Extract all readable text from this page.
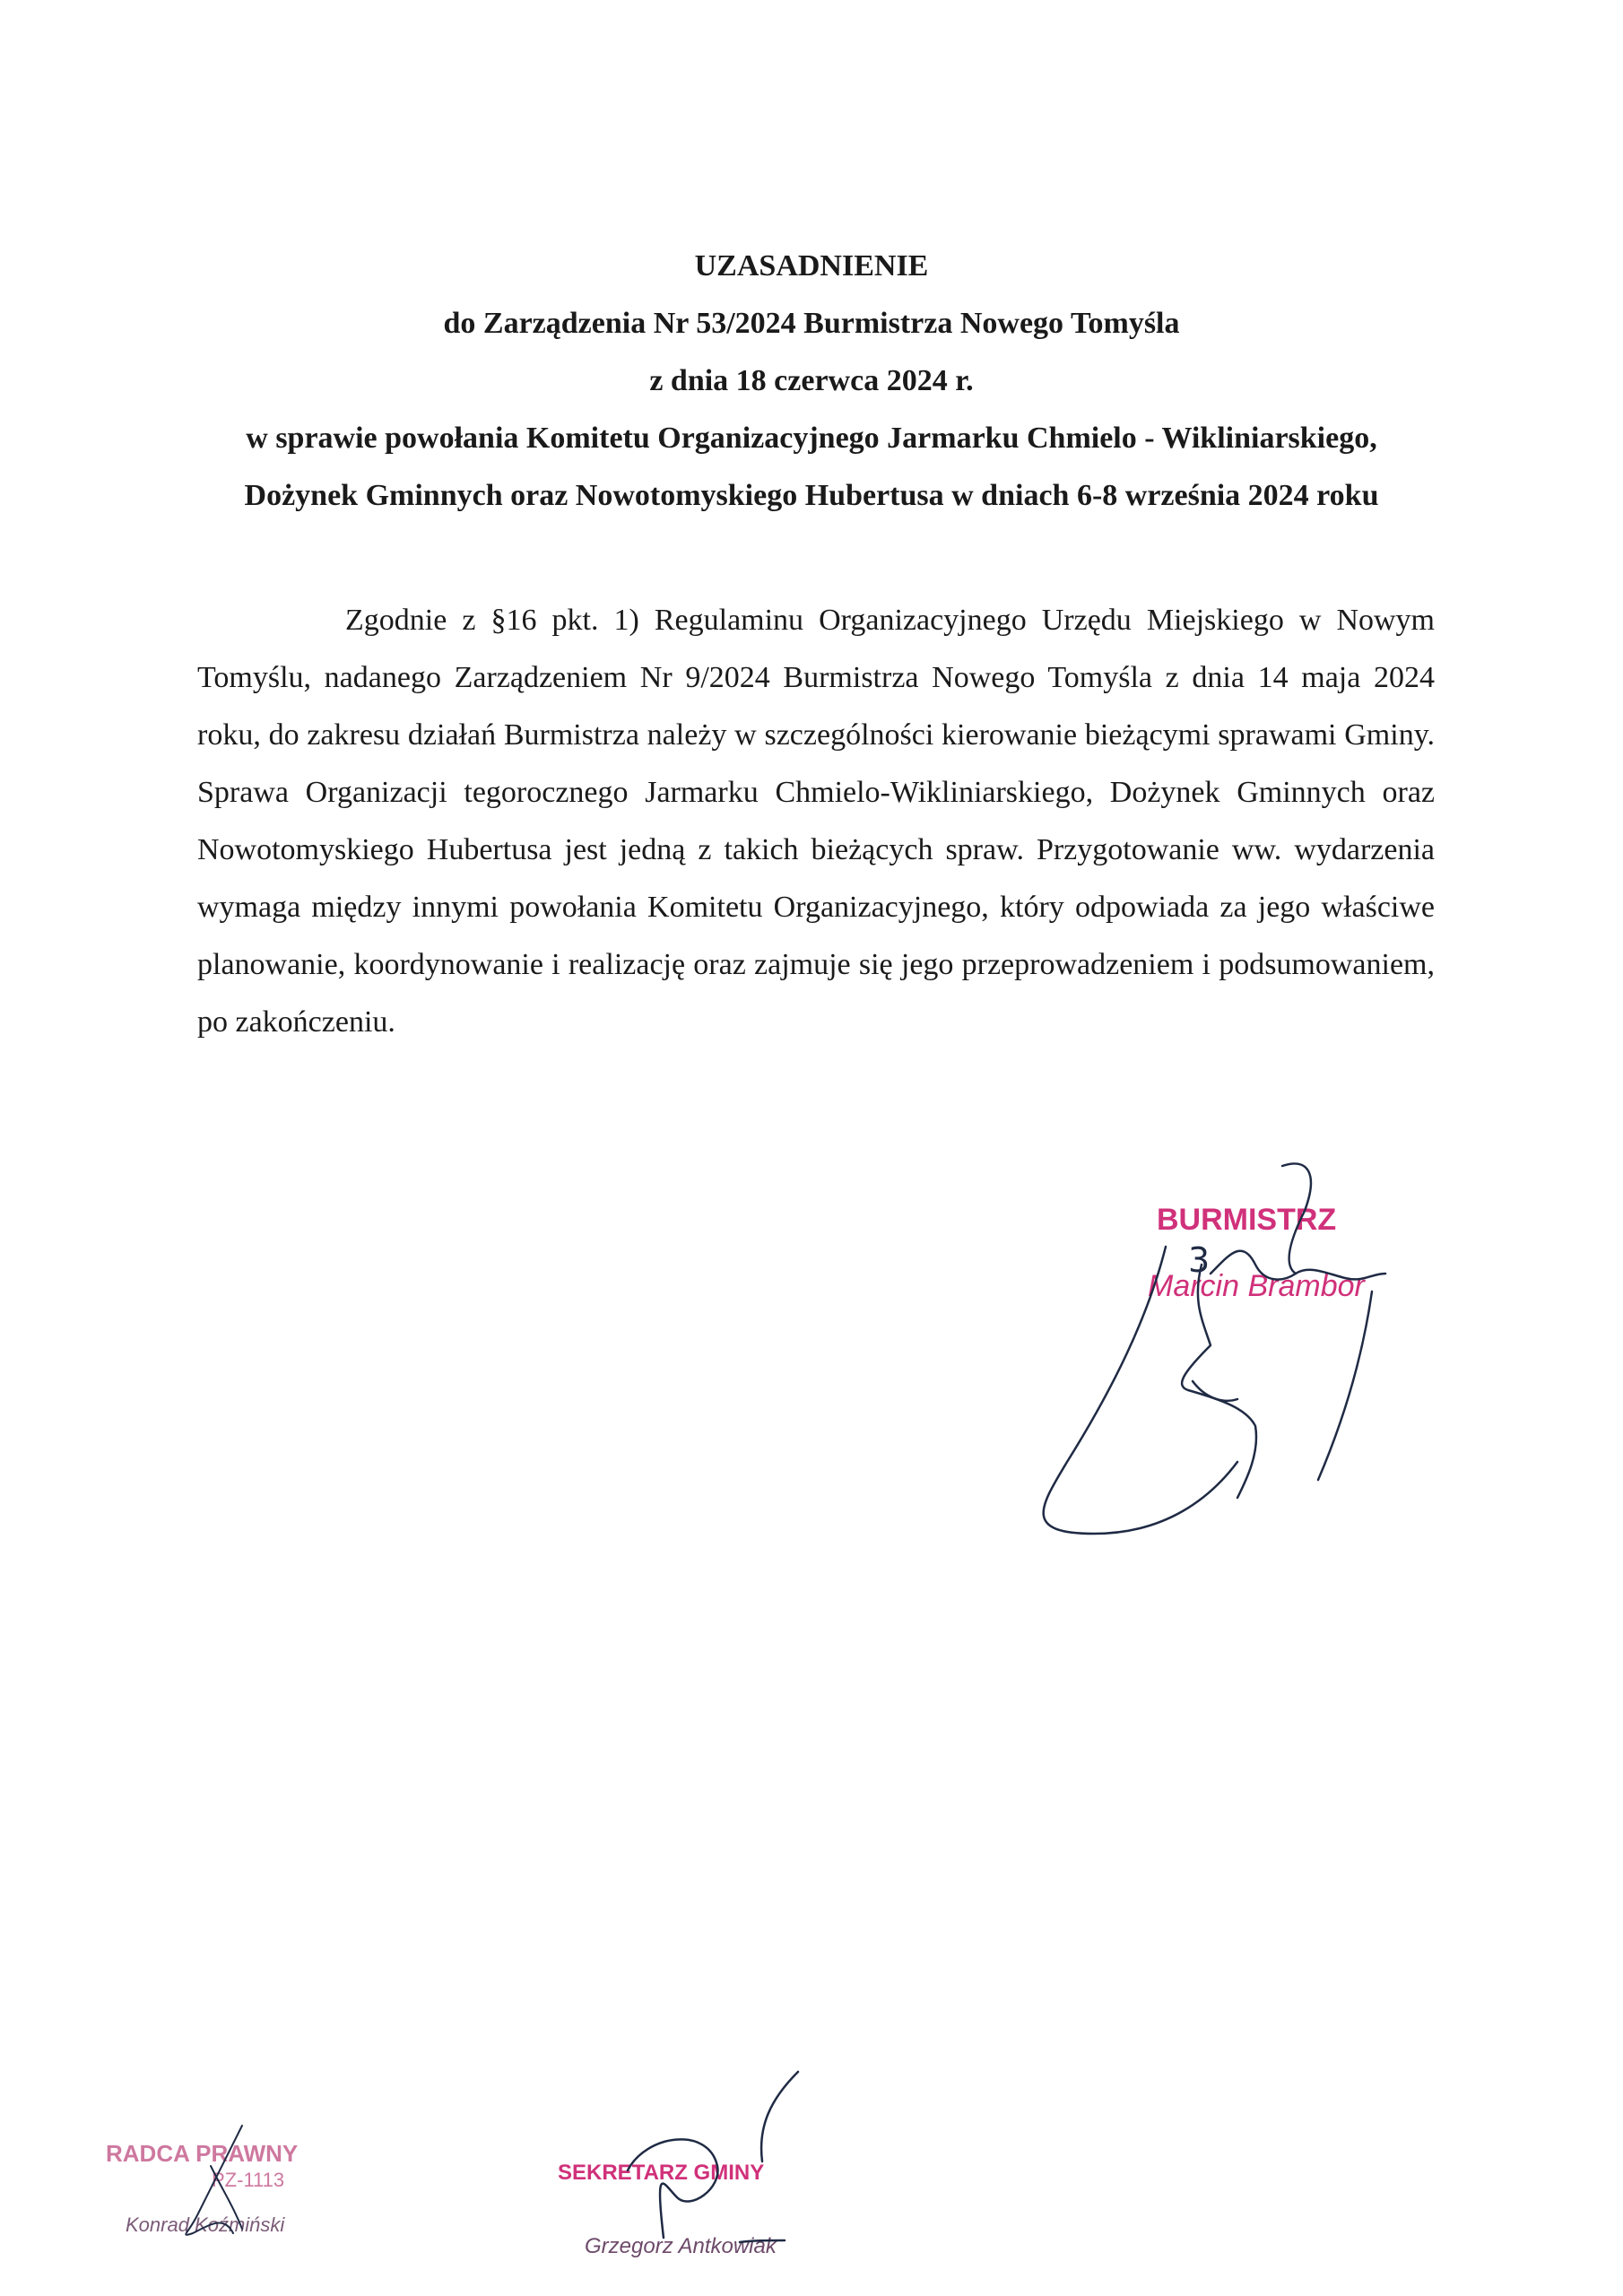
UZASADNIENIE
do Zarządzenia Nr 53/2024 Burmistrza Nowego Tomyśla
z dnia 18 czerwca 2024 r.
w sprawie powołania Komitetu Organizacyjnego Jarmarku Chmielo - Wikliniarskiego,
Dożynek Gminnych oraz Nowotomyskiego Hubertusa w dniach 6-8 września 2024 roku

Zgodnie z §16 pkt. 1) Regulaminu Organizacyjnego Urzędu Miejskiego w Nowym Tomyślu, nadanego Zarządzeniem Nr 9/2024 Burmistrza Nowego Tomyśla z dnia 14 maja 2024 roku, do zakresu działań Burmistrza należy w szczególności kierowanie bieżącymi sprawami Gminy. Sprawa Organizacji tegorocznego Jarmarku Chmielo-Wikliniarskiego, Dożynek Gminnych oraz Nowotomyskiego Hubertusa jest jedną z takich bieżących spraw. Przygotowanie ww. wydarzenia wymaga między innymi powołania Komitetu Organizacyjnego, który odpowiada za jego właściwe planowanie, koordynowanie i realizację oraz zajmuje się jego przeprowadzeniem i podsumowaniem, po zakończeniu.

BURMISTRZ
Marcin Brambor
3
RADCA PRAWNY
PZ-1113
Konrad Koźmiński
SEKRETARZ GMINY
Grzegorz Antkowiak
